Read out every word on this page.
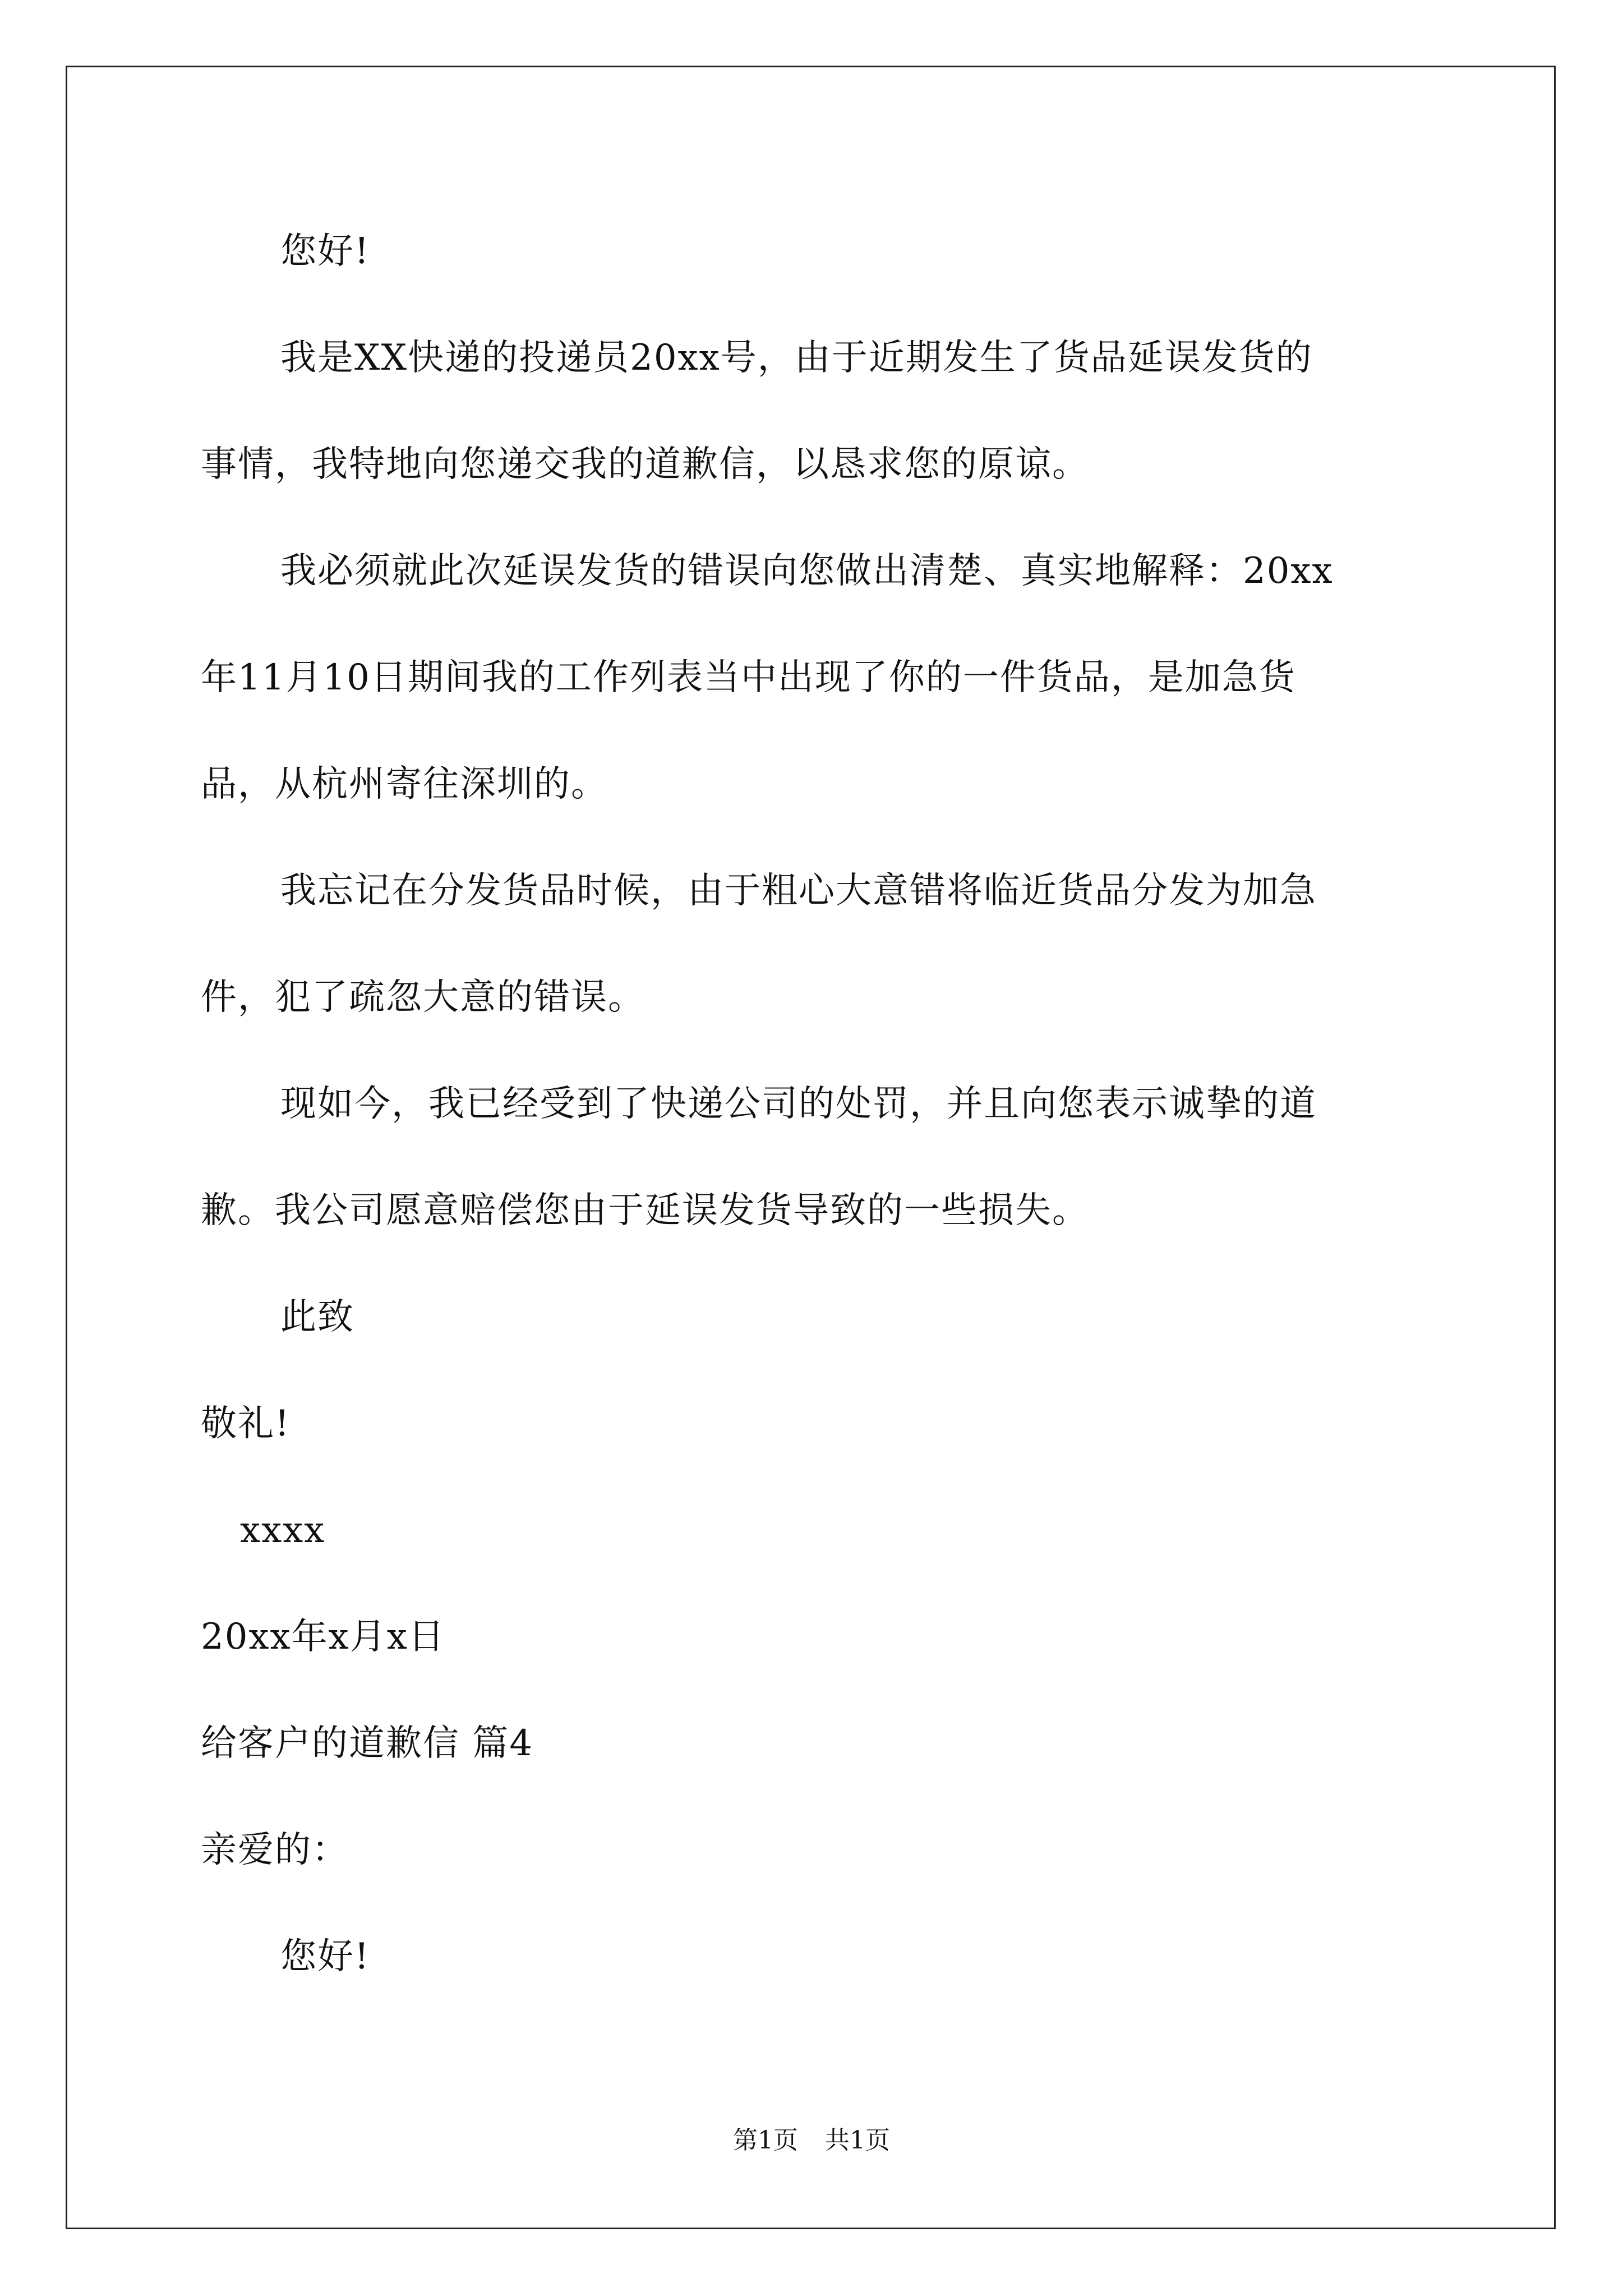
您好!
我是XX快递的投递员20xx号，由于近期发生了货品延误发货的
事情，我特地向您递交我的道歉信，以恳求您的原谅。
我必须就此次延误发货的错误向您做出清楚、真实地解释：20xx
年11月10日期间我的工作列表当中出现了你的一件货品，是加急货
品，从杭州寄往深圳的。
我忘记在分发货品时候，由于粗心大意错将临近货品分发为加急
件，犯了疏忽大意的错误。
现如今，我已经受到了快递公司的处罚，并且向您表示诚挚的道
歉。我公司愿意赔偿您由于延误发货导致的一些损失。
此致
敬礼!
xxxx
20xx年x月x日
给客户的道歉信 篇4
亲爱的：
您好!
第1页 共1页
